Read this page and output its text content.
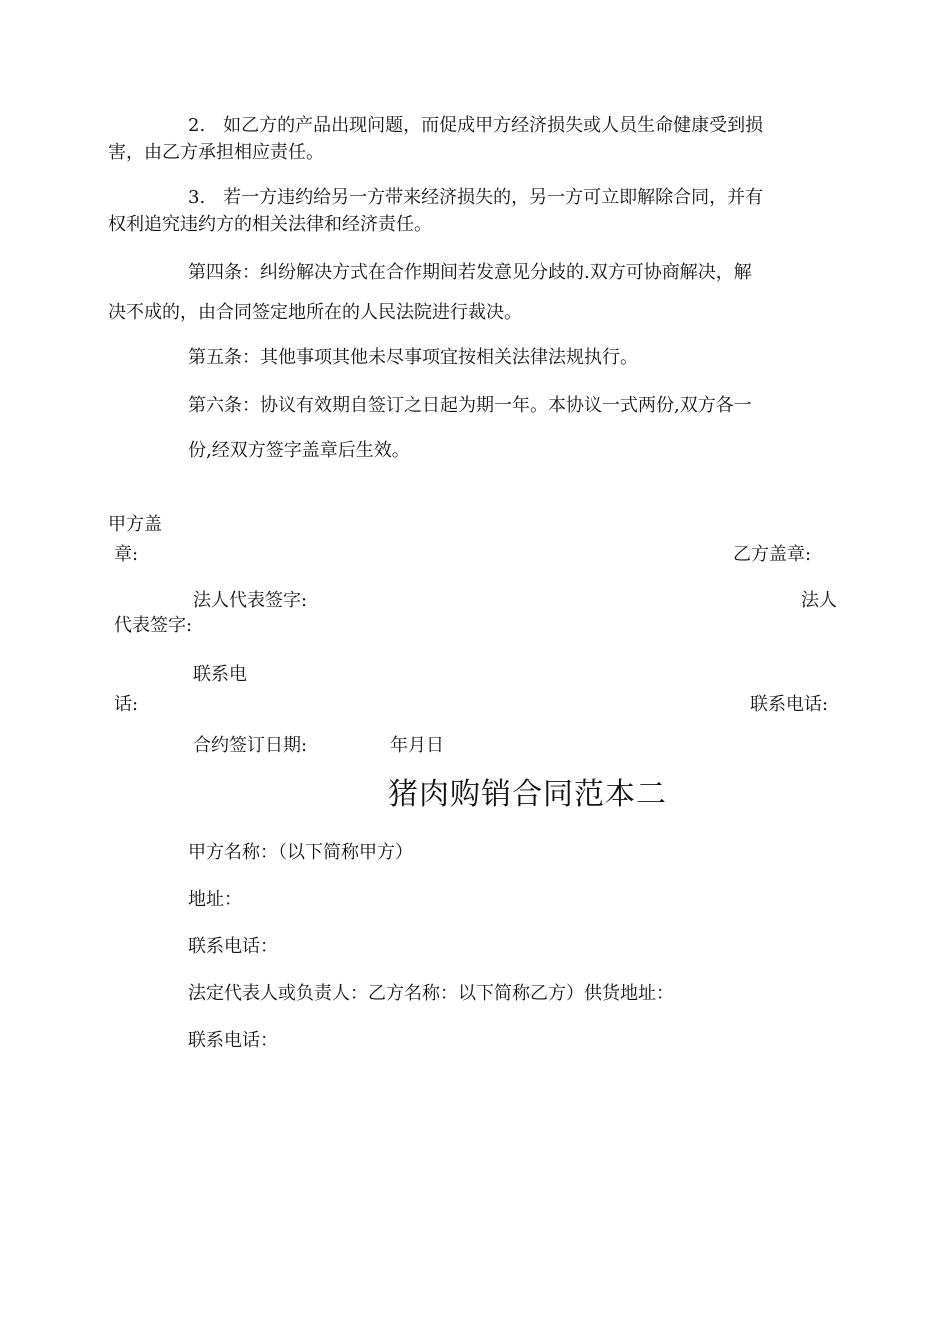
2.　如乙方的产品出现问题，而促成甲方经济损失或人员生命健康受到损
害，由乙方承担相应责任。
3.　若一方违约给另一方带来经济损失的，另一方可立即解除合同，并有
权利追究违约方的相关法律和经济责任。
第四条：纠纷解决方式在合作期间若发意见分歧的.双方可协商解决，解
决不成的，由合同签定地所在的人民法院进行裁决。
第五条：其他事项其他未尽事项宜按相关法律法规执行。
第六条：协议有效期自签订之日起为期一年。本协议一式两份,双方各一
份,经双方签字盖章后生效。
甲方盖
章:	乙方盖章:
法人代表签字:	法人
代表签字:
联系电
话:	联系电话:
合约签订日期:	年月日
猪肉购销合同范本二
甲方名称：（以下简称甲方）
地址：
联系电话：
法定代表人或负责人：乙方名称：以下简称乙方）供货地址：
联系电话：
